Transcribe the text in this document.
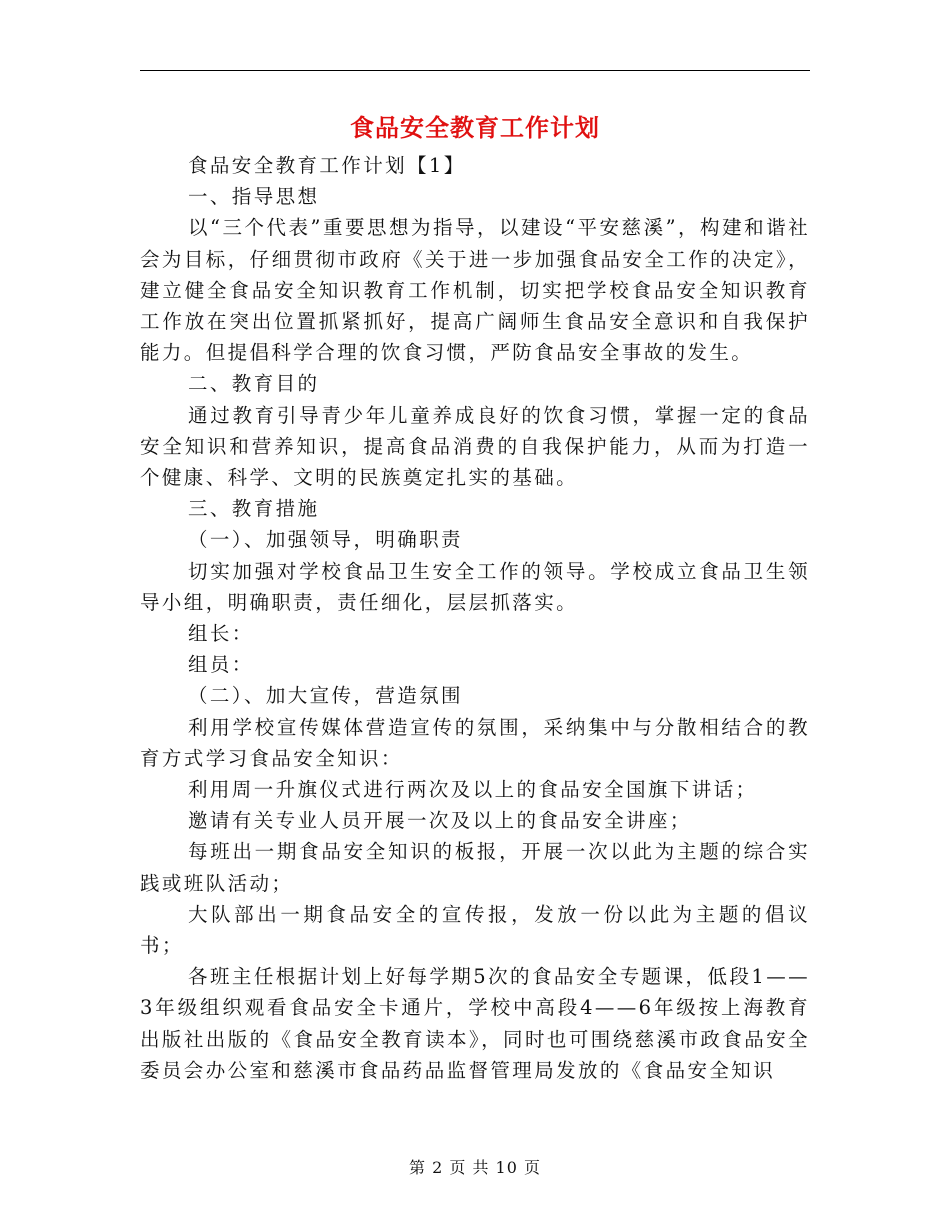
食品安全教育工作计划

食品安全教育工作计划【1】

一、指导思想

以“三个代表”重要思想为指导，以建设“平安慈溪”，构建和谐社会为目标，仔细贯彻市政府《关于进一步加强食品安全工作的决定》，建立健全食品安全知识教育工作机制，切实把学校食品安全知识教育工作放在突出位置抓紧抓好，提高广阔师生食品安全意识和自我保护能力。但提倡科学合理的饮食习惯，严防食品安全事故的发生。

二、教育目的

通过教育引导青少年儿童养成良好的饮食习惯，掌握一定的食品安全知识和营养知识，提高食品消费的自我保护能力，从而为打造一个健康、科学、文明的民族奠定扎实的基础。

三、教育措施

（一）、加强领导，明确职责

切实加强对学校食品卫生安全工作的领导。学校成立食品卫生领导小组，明确职责，责任细化，层层抓落实。

组长：

组员：

（二）、加大宣传，营造氛围

利用学校宣传媒体营造宣传的氛围，采纳集中与分散相结合的教育方式学习食品安全知识：

利用周一升旗仪式进行两次及以上的食品安全国旗下讲话；

邀请有关专业人员开展一次及以上的食品安全讲座；

每班出一期食品安全知识的板报，开展一次以此为主题的综合实践或班队活动；

大队部出一期食品安全的宣传报，发放一份以此为主题的倡议书；

各班主任根据计划上好每学期5次的食品安全专题课，低段1——3年级组织观看食品安全卡通片，学校中高段4——6年级按上海教育出版社出版的《食品安全教育读本》，同时也可围绕慈溪市政食品安全委员会办公室和慈溪市食品药品监督管理局发放的《食品安全知识

第 2 页 共 10 页
